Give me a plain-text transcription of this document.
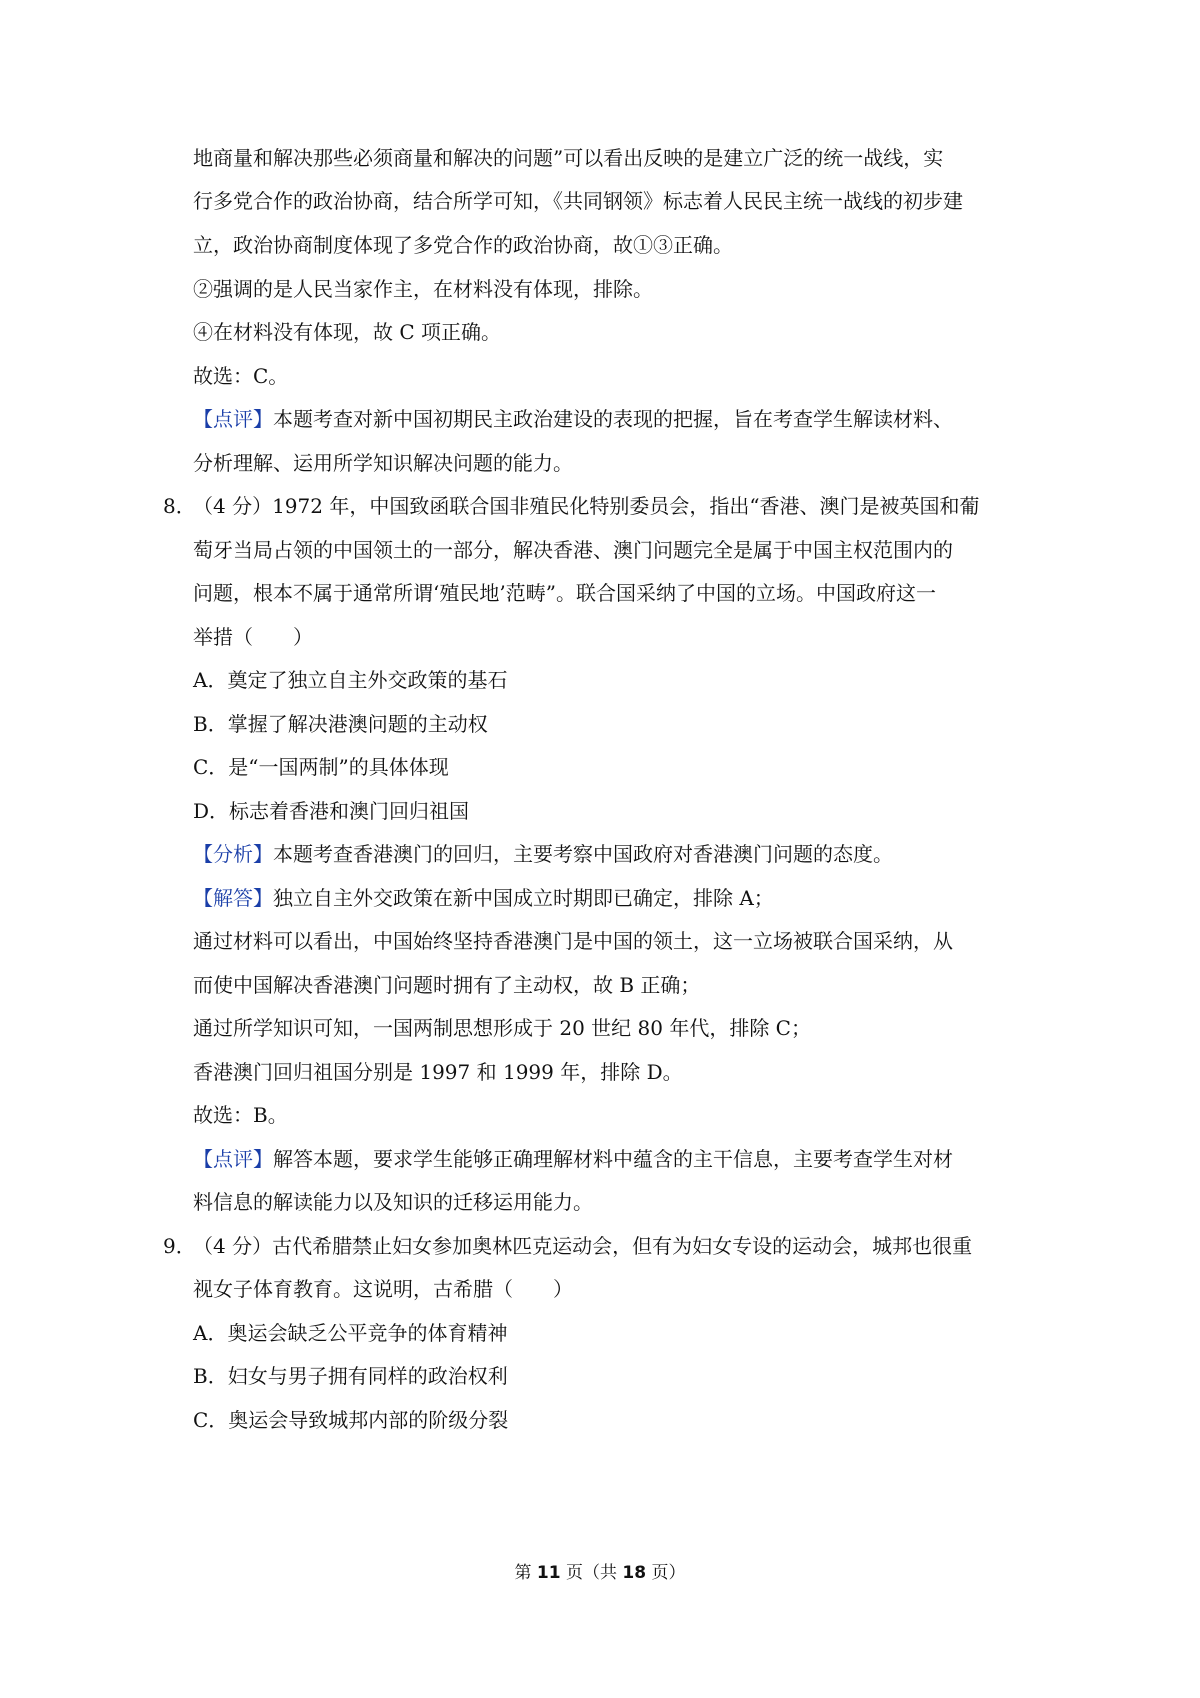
地商量和解决那些必须商量和解决的问题”可以看出反映的是建立广泛的统一战线，实
行多党合作的政治协商，结合所学可知，《共同钢领》标志着人民民主统一战线的初步建
立，政治协商制度体现了多党合作的政治协商，故①③正确。
②强调的是人民当家作主，在材料没有体现，排除。
④在材料没有体现，故 C 项正确。
故选：C。
【点评】本题考查对新中国初期民主政治建设的表现的把握，旨在考查学生解读材料、
分析理解、运用所学知识解决问题的能力。
8．
（4 分）1972 年，中国致函联合国非殖民化特别委员会，指出“香港、澳门是被英国和葡
萄牙当局占领的中国领土的一部分，解决香港、澳门问题完全是属于中国主权范围内的
问题，根本不属于通常所谓‘殖民地’范畴”。联合国采纳了中国的立场。中国政府这一
举措（　　）
A．奠定了独立自主外交政策的基石
B．掌握了解决港澳问题的主动权
C．是“一国两制”的具体体现
D．标志着香港和澳门回归祖国
【分析】本题考查香港澳门的回归，主要考察中国政府对香港澳门问题的态度。
【解答】独立自主外交政策在新中国成立时期即已确定，排除 A；
通过材料可以看出，中国始终坚持香港澳门是中国的领土，这一立场被联合国采纳，从
而使中国解决香港澳门问题时拥有了主动权，故 B 正确；
通过所学知识可知，一国两制思想形成于 20 世纪 80 年代，排除 C；
香港澳门回归祖国分别是 1997 和 1999 年，排除 D。
故选：B。
【点评】解答本题，要求学生能够正确理解材料中蕴含的主干信息，主要考查学生对材
料信息的解读能力以及知识的迁移运用能力。
9．
（4 分）古代希腊禁止妇女参加奥林匹克运动会，但有为妇女专设的运动会，城邦也很重
视女子体育教育。这说明，古希腊（　　）
A．奥运会缺乏公平竞争的体育精神
B．妇女与男子拥有同样的政治权利
C．奥运会导致城邦内部的阶级分裂
第 11 页（共 18 页）
